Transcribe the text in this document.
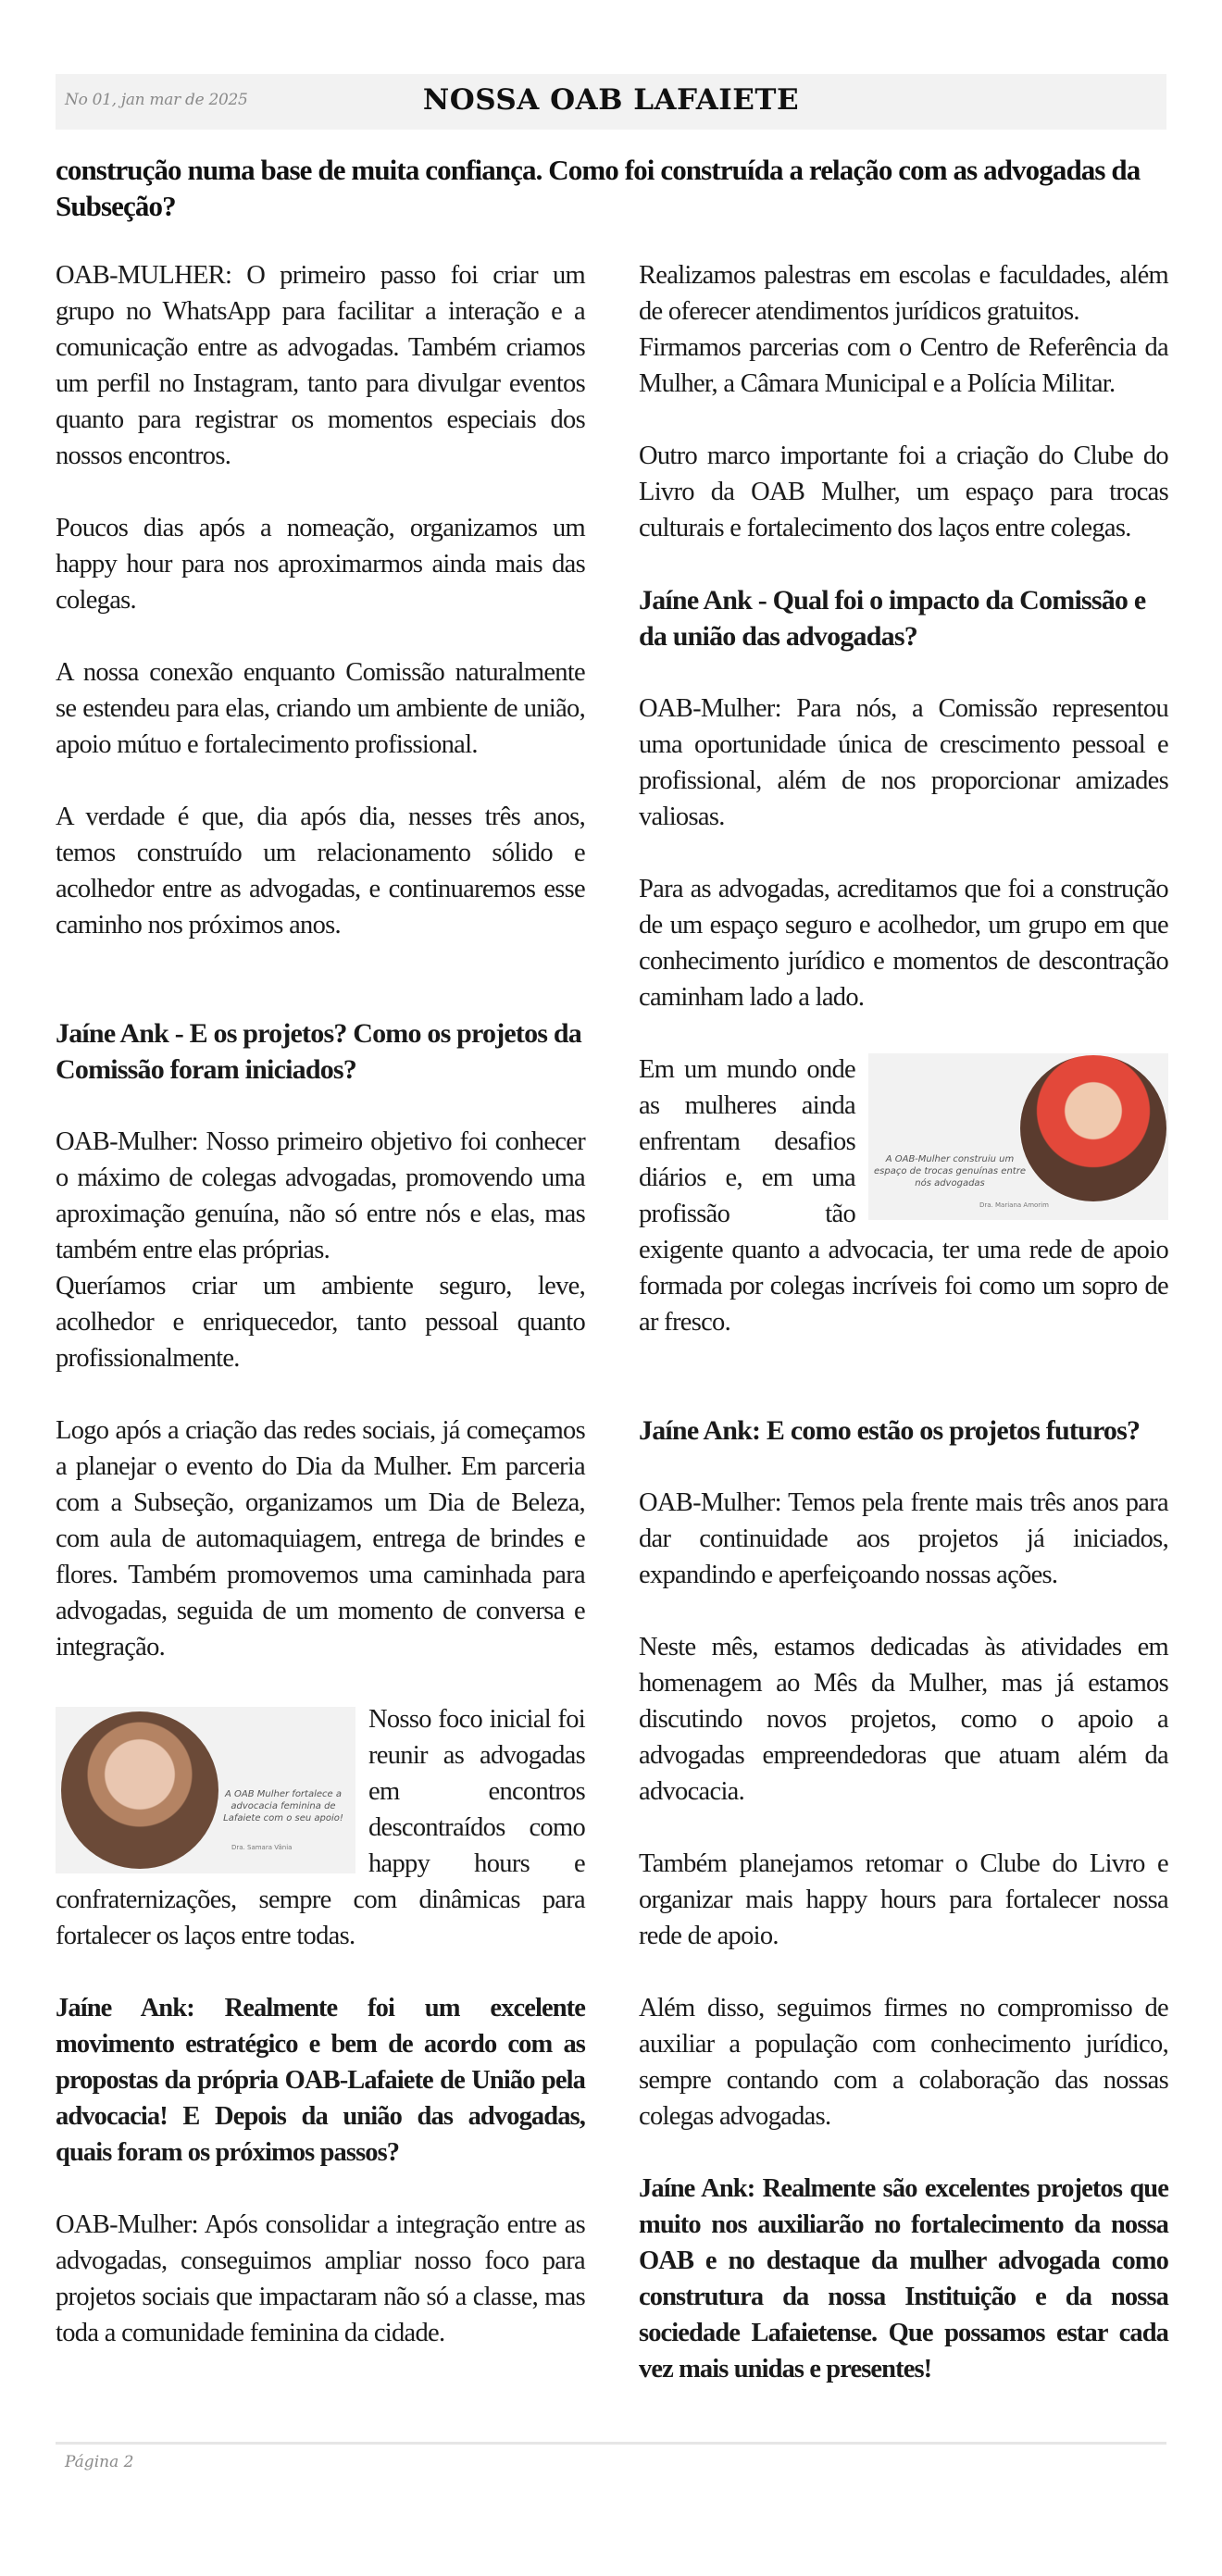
No 01, jan mar de 2025	NOSSA OAB LAFAIETE
construção numa base de muita confiança. Como foi construída a relação com as advogadas da Subseção?

OAB-MULHER: O primeiro passo foi criar um grupo no WhatsApp para facilitar a interação e a comunicação entre as advogadas. Também criamos um perfil no Instagram, tanto para divulgar eventos quanto para registrar os momentos especiais dos nossos encontros.

Poucos dias após a nomeação, organizamos um happy hour para nos aproximarmos ainda mais das colegas.

A nossa conexão enquanto Comissão naturalmente se estendeu para elas, criando um ambiente de união, apoio mútuo e fortalecimento profissional.

A verdade é que, dia após dia, nesses três anos, temos construído um relacionamento sólido e acolhedor entre as advogadas, e continuaremos esse caminho nos próximos anos.

Jaíne Ank - E os projetos? Como os projetos da Comissão foram iniciados?

OAB-Mulher: Nosso primeiro objetivo foi conhecer o máximo de colegas advogadas, promovendo uma aproximação genuína, não só entre nós e elas, mas também entre elas próprias.

Queríamos criar um ambiente seguro, leve, acolhedor e enriquecedor, tanto pessoal quanto profissionalmente.

Logo após a criação das redes sociais, já começamos a planejar o evento do Dia da Mulher. Em parceria com a Subseção, organizamos um Dia de Beleza, com aula de automaquiagem, entrega de brindes e flores. Também promovemos uma caminhada para advogadas, seguida de um momento de conversa e integração.

A OAB Mulher fortalece a advocacia feminina de Lafaiete com o seu apoio!
Dra. Samara Vânia

Nosso foco inicial foi reunir as advogadas em encontros descontraídos como happy hours e confraternizações, sempre com dinâmicas para fortalecer os laços entre todas.

Jaíne Ank: Realmente foi um excelente movimento estratégico e bem de acordo com as propostas da própria OAB-Lafaiete de União pela advocacia! E Depois da união das advogadas, quais foram os próximos passos?

OAB-Mulher: Após consolidar a integração entre as advogadas, conseguimos ampliar nosso foco para projetos sociais que impactaram não só a classe, mas toda a comunidade feminina da cidade.

Realizamos palestras em escolas e faculdades, além de oferecer atendimentos jurídicos gratuitos.

Firmamos parcerias com o Centro de Referência da Mulher, a Câmara Municipal e a Polícia Militar.

Outro marco importante foi a criação do Clube do Livro da OAB Mulher, um espaço para trocas culturais e fortalecimento dos laços entre colegas.

Jaíne Ank - Qual foi o impacto da Comissão e da união das advogadas?

OAB-Mulher: Para nós, a Comissão representou uma oportunidade única de crescimento pessoal e profissional, além de nos proporcionar amizades valiosas.

Para as advogadas, acreditamos que foi a construção de um espaço seguro e acolhedor, um grupo em que conhecimento jurídico e momentos de descontração caminham lado a lado.

A OAB-Mulher construiu um espaço de trocas genuínas entre nós advogadas
Dra. Mariana Amorim

Em um mundo onde as mulheres ainda enfrentam desafios diários e, em uma profissão tão exigente quanto a advocacia, ter uma rede de apoio formada por colegas incríveis foi como um sopro de ar fresco.

Jaíne Ank: E como estão os projetos futuros?

OAB-Mulher: Temos pela frente mais três anos para dar continuidade aos projetos já iniciados, expandindo e aperfeiçoando nossas ações.

Neste mês, estamos dedicadas às atividades em homenagem ao Mês da Mulher, mas já estamos discutindo novos projetos, como o apoio a advogadas empreendedoras que atuam além da advocacia.

Também planejamos retomar o Clube do Livro e organizar mais happy hours para fortalecer nossa rede de apoio.

Além disso, seguimos firmes no compromisso de auxiliar a população com conhecimento jurídico, sempre contando com a colaboração das nossas colegas advogadas.

Jaíne Ank: Realmente são excelentes projetos que muito nos auxiliarão no fortalecimento da nossa OAB e no destaque da mulher advogada como construtura da nossa Instituição e da nossa sociedade Lafaietense. Que possamos estar cada vez mais unidas e presentes!

Página 2
